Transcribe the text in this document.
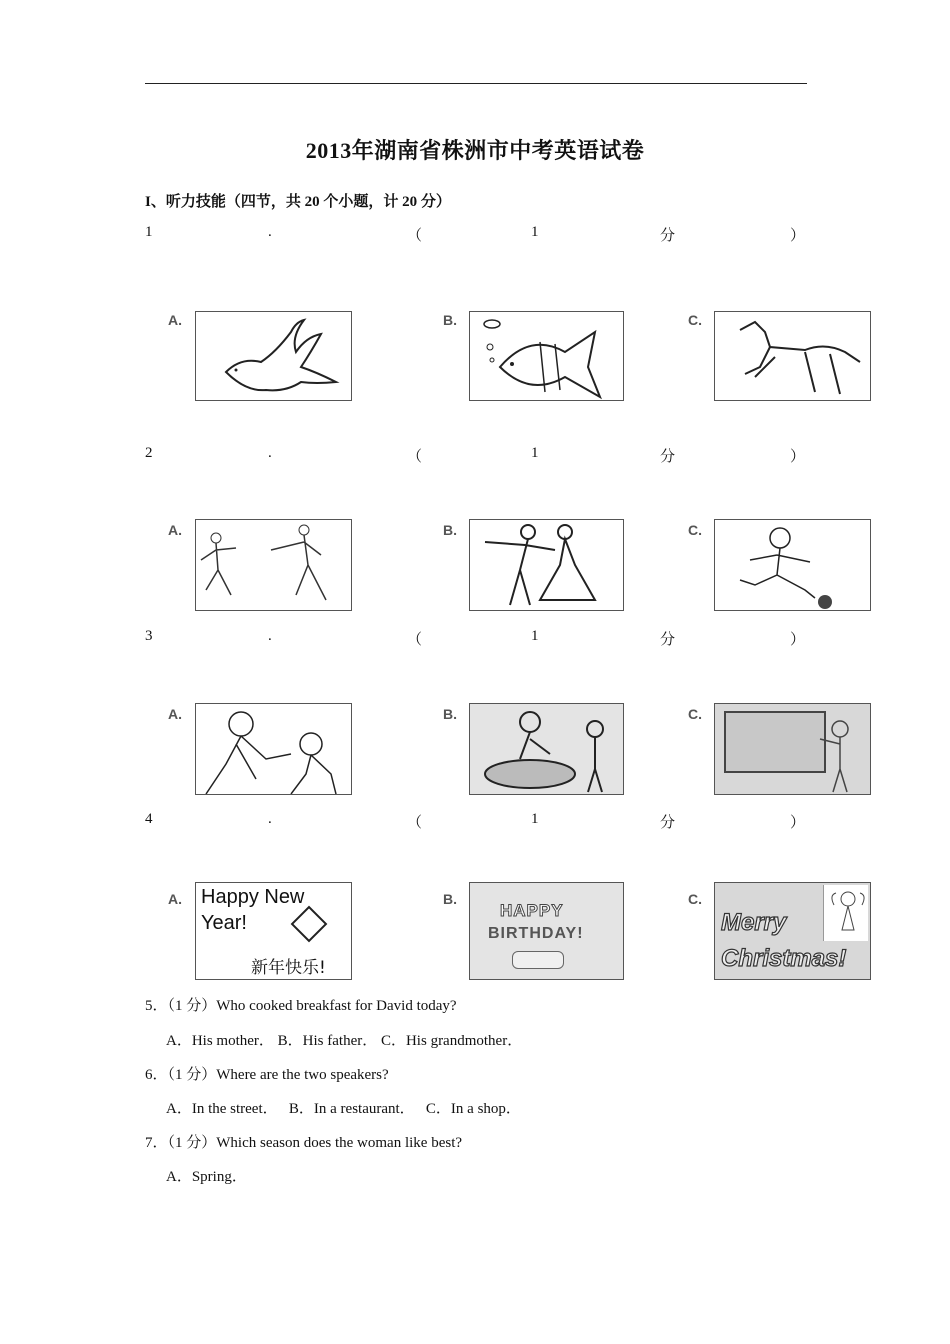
2013年湖南省株洲市中考英语试卷
I、听力技能（四节，共 20 个小题，计 20 分）
1	.	（	1	分	）
A.	B.	C.
2	.	（	1	分	）
A.	B.	C.
3	.	（	1	分	）
A.	B.	C.
4	.	（	1	分	）
A. Happy New
Year!
新年快乐!
B.
HAPPY
BIRTHDAY!
C.
Merry
Christmas!
5．（1 分）Who cooked breakfast for David today?
A．His mother． B．His father． C．His grandmother．
6．（1 分）Where are the two speakers?
A．In the street．   B．In a restaurant．   C．In a shop．
7．（1 分）Which season does the woman like best?
A．Spring．
